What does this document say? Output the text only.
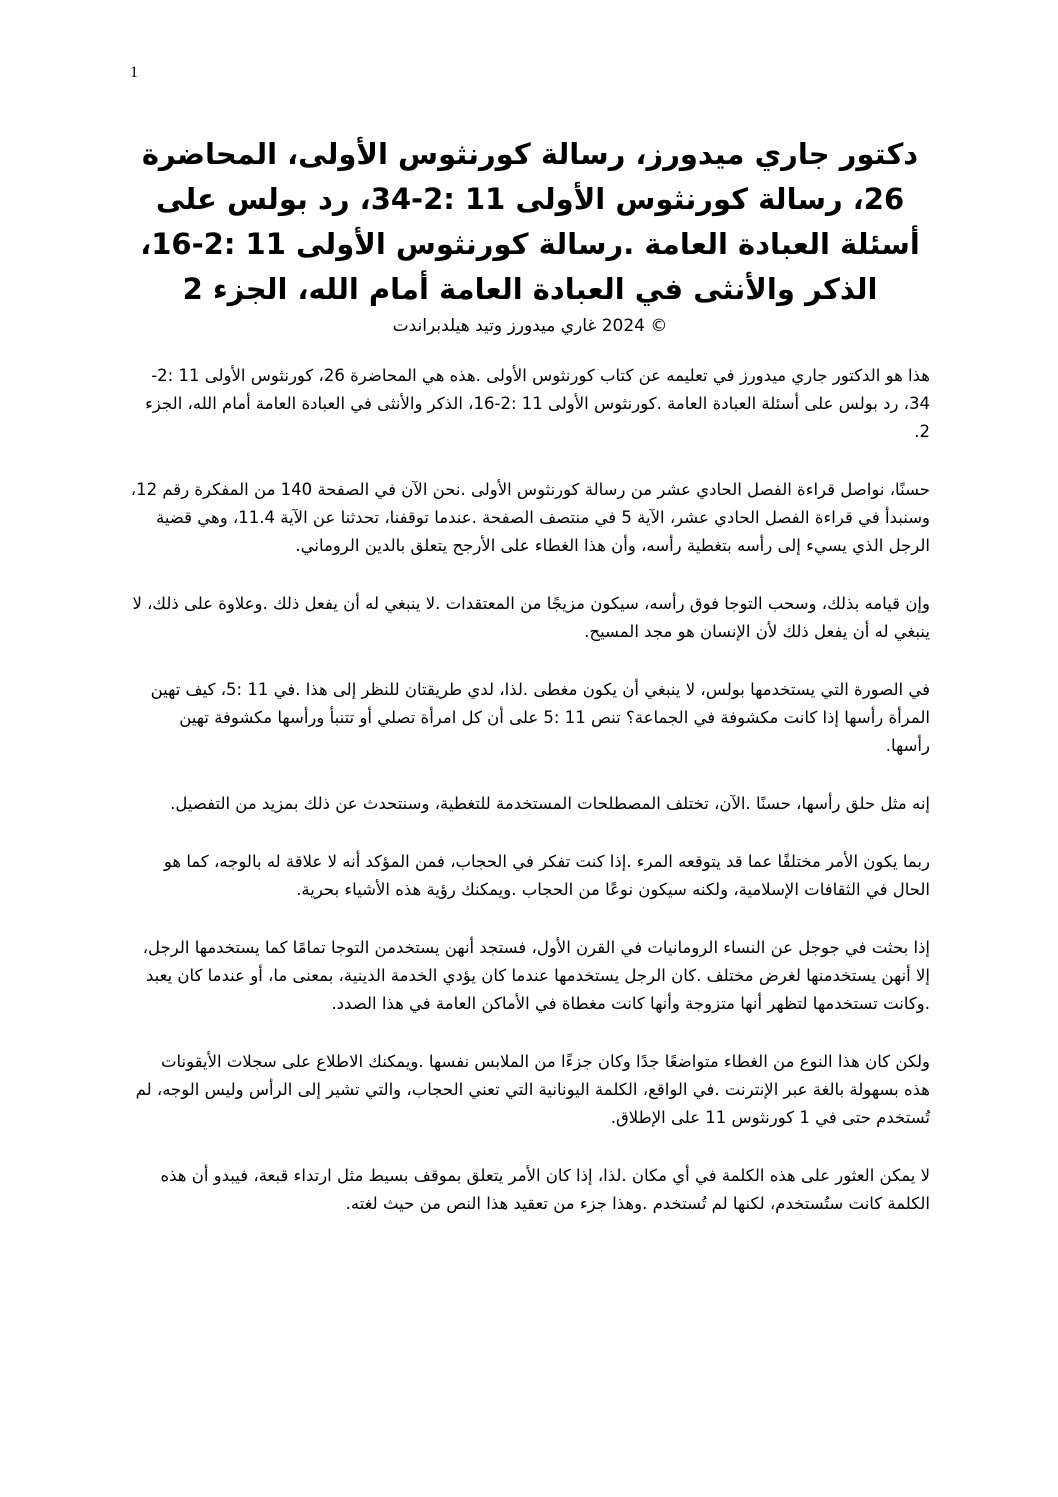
1
دكتور جاري ميدورز، رسالة كورنثوس الأولى، المحاضرة 26، رسالة كورنثوس الأولى 11 :2-34، رد بولس على أسئلة العبادة العامة .رسالة كورنثوس الأولى 11 :2-16، الذكر والأنثى في العبادة العامة أمام الله، الجزء 2

© 2024 غاري ميدورز وتيد هيلدبراندت

هذا هو الدكتور جاري ميدورز في تعليمه عن كتاب كورنثوس الأولى .هذه هي المحاضرة 26، كورنثوس الأولى 11 :2-34، رد بولس على أسئلة العبادة العامة .كورنثوس الأولى 11 :2-16، الذكر والأنثى في العبادة العامة أمام الله، الجزء 2.

حسنًا، نواصل قراءة الفصل الحادي عشر من رسالة كورنثوس الأولى .نحن الآن في الصفحة 140 من المفكرة رقم 12، وسنبدأ في قراءة الفصل الحادي عشر، الآية 5 في منتصف الصفحة .عندما توقفنا، تحدثنا عن الآية 11.4، وهي قضية الرجل الذي يسيء إلى رأسه بتغطية رأسه، وأن هذا الغطاء على الأرجح يتعلق بالدين الروماني.

وإن قيامه بذلك، وسحب التوجا فوق رأسه، سيكون مزيجًا من المعتقدات .لا ينبغي له أن يفعل ذلك .وعلاوة على ذلك، لا ينبغي له أن يفعل ذلك لأن الإنسان هو مجد المسيح.

في الصورة التي يستخدمها بولس، لا ينبغي أن يكون مغطى .لذا، لدي طريقتان للنظر إلى هذا .في 11 :5، كيف تهين المرأة رأسها إذا كانت مكشوفة في الجماعة؟ تنص 11 :5 على أن كل امرأة تصلي أو تتنبأ ورأسها مكشوفة تهين رأسها.

إنه مثل حلق رأسها، حسنًا .الآن، تختلف المصطلحات المستخدمة للتغطية، وسنتحدث عن ذلك بمزيد من التفصيل.

ربما يكون الأمر مختلفًا عما قد يتوقعه المرء .إذا كنت تفكر في الحجاب، فمن المؤكد أنه لا علاقة له بالوجه، كما هو الحال في الثقافات الإسلامية، ولكنه سيكون نوعًا من الحجاب .ويمكنك رؤية هذه الأشياء بحرية.

إذا بحثت في جوجل عن النساء الرومانيات في القرن الأول، فستجد أنهن يستخدمن التوجا تمامًا كما يستخدمها الرجل، إلا أنهن يستخدمنها لغرض مختلف .كان الرجل يستخدمها عندما كان يؤدي الخدمة الدينية، بمعنى ما، أو عندما كان يعبد .وكانت تستخدمها لتظهر أنها متزوجة وأنها كانت مغطاة في الأماكن العامة في هذا الصدد.

ولكن كان هذا النوع من الغطاء متواضعًا جدًا وكان جزءًا من الملابس نفسها .ويمكنك الاطلاع على سجلات الأيقونات هذه بسهولة بالغة عبر الإنترنت .في الواقع، الكلمة اليونانية التي تعني الحجاب، والتي تشير إلى الرأس وليس الوجه، لم تُستخدم حتى في 1 كورنثوس 11 على الإطلاق.

لا يمكن العثور على هذه الكلمة في أي مكان .لذا، إذا كان الأمر يتعلق بموقف بسيط مثل ارتداء قبعة، فيبدو أن هذه الكلمة كانت ستُستخدم، لكنها لم تُستخدم .وهذا جزء من تعقيد هذا النص من حيث لغته.
